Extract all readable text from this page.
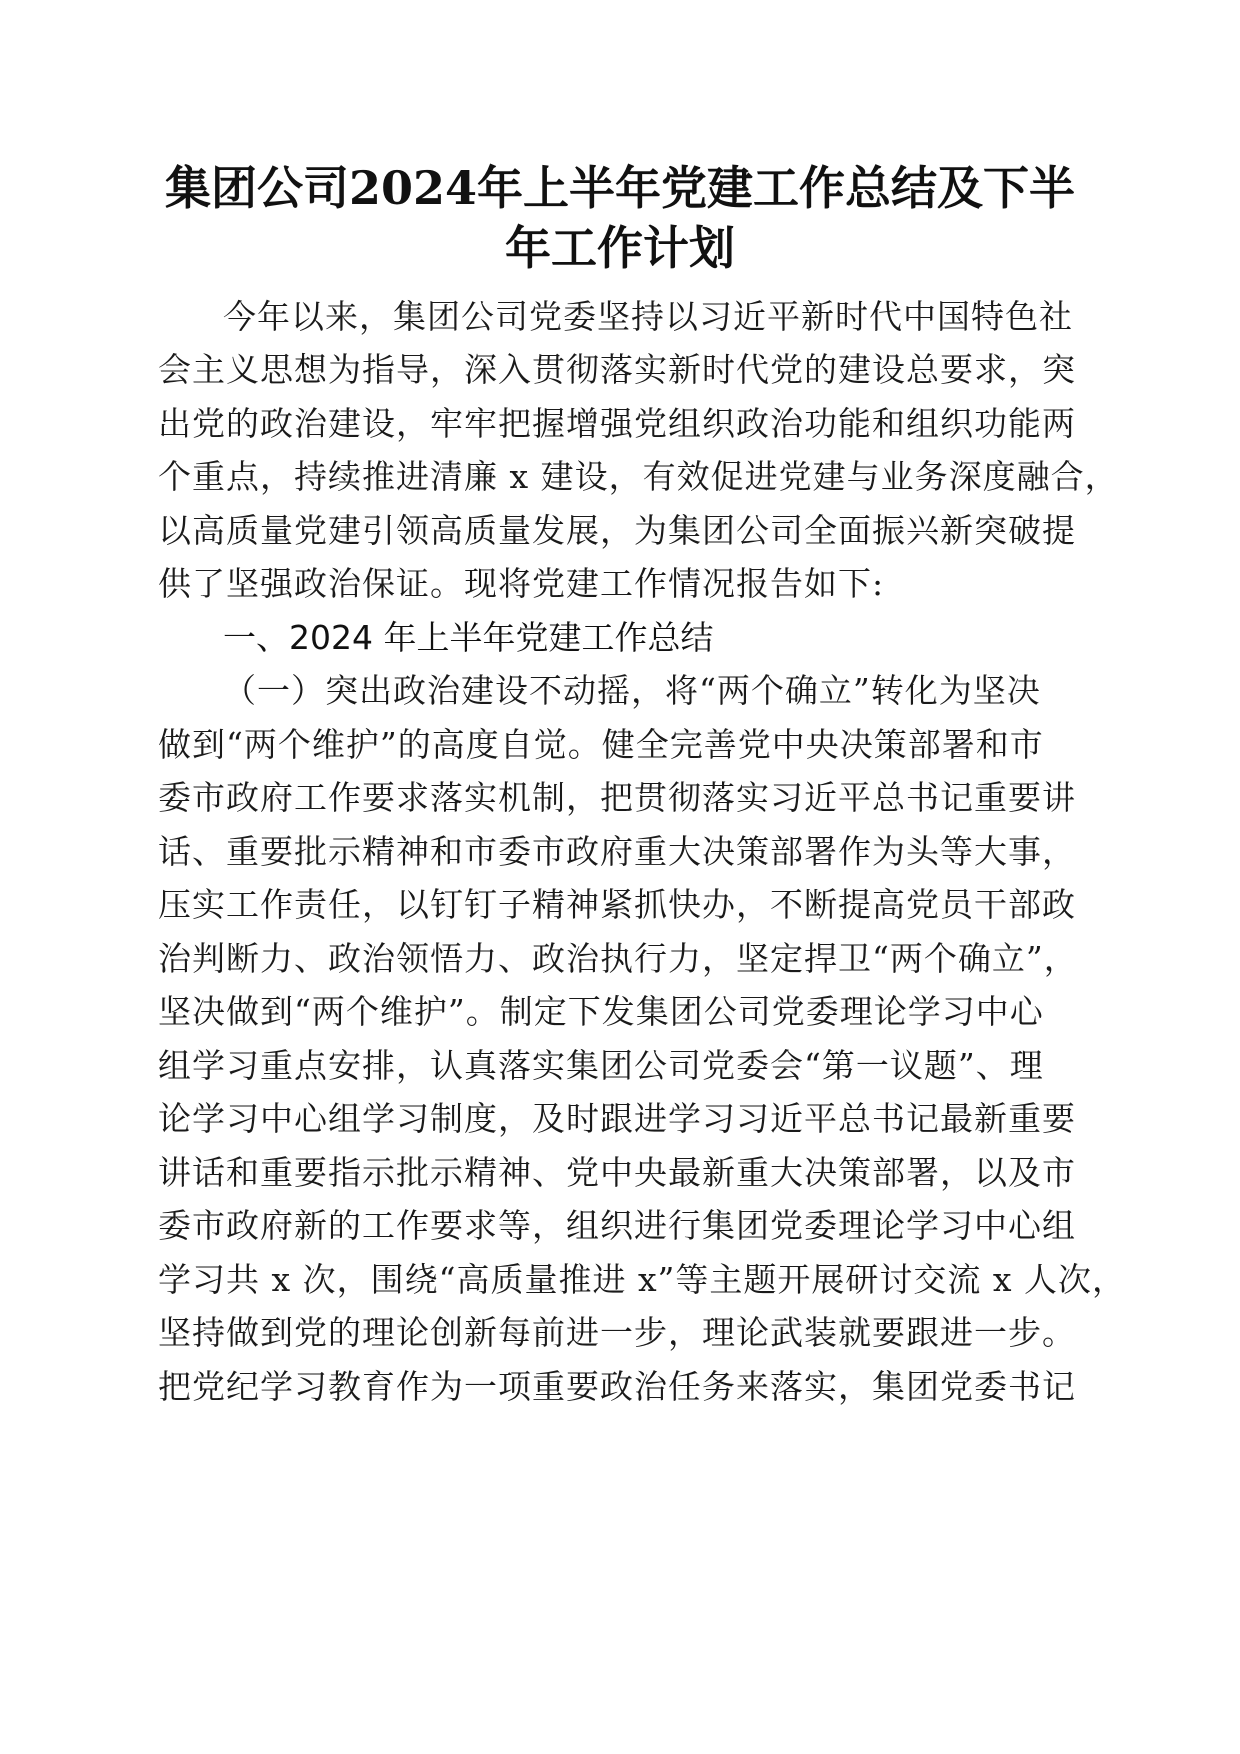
集团公司2024年上半年党建工作总结及下半
年工作计划
今年以来，集团公司党委坚持以习近平新时代中国特色社
会主义思想为指导，深入贯彻落实新时代党的建设总要求，突
出党的政治建设，牢牢把握增强党组织政治功能和组织功能两
个重点，持续推进清廉 x 建设，有效促进党建与业务深度融合，
以高质量党建引领高质量发展，为集团公司全面振兴新突破提
供了坚强政治保证。现将党建工作情况报告如下:
一、2024 年上半年党建工作总结
（一）突出政治建设不动摇，将“两个确立”转化为坚决
做到“两个维护”的高度自觉。健全完善党中央决策部署和市
委市政府工作要求落实机制，把贯彻落实习近平总书记重要讲
话、重要批示精神和市委市政府重大决策部署作为头等大事，
压实工作责任，以钉钉子精神紧抓快办，不断提高党员干部政
治判断力、政治领悟力、政治执行力，坚定捍卫“两个确立”，
坚决做到“两个维护”。制定下发集团公司党委理论学习中心
组学习重点安排，认真落实集团公司党委会“第一议题”、理
论学习中心组学习制度，及时跟进学习习近平总书记最新重要
讲话和重要指示批示精神、党中央最新重大决策部署，以及市
委市政府新的工作要求等，组织进行集团党委理论学习中心组
学习共 x 次，围绕“高质量推进 x”等主题开展研讨交流 x 人次，
坚持做到党的理论创新每前进一步，理论武装就要跟进一步。
把党纪学习教育作为一项重要政治任务来落实，集团党委书记
